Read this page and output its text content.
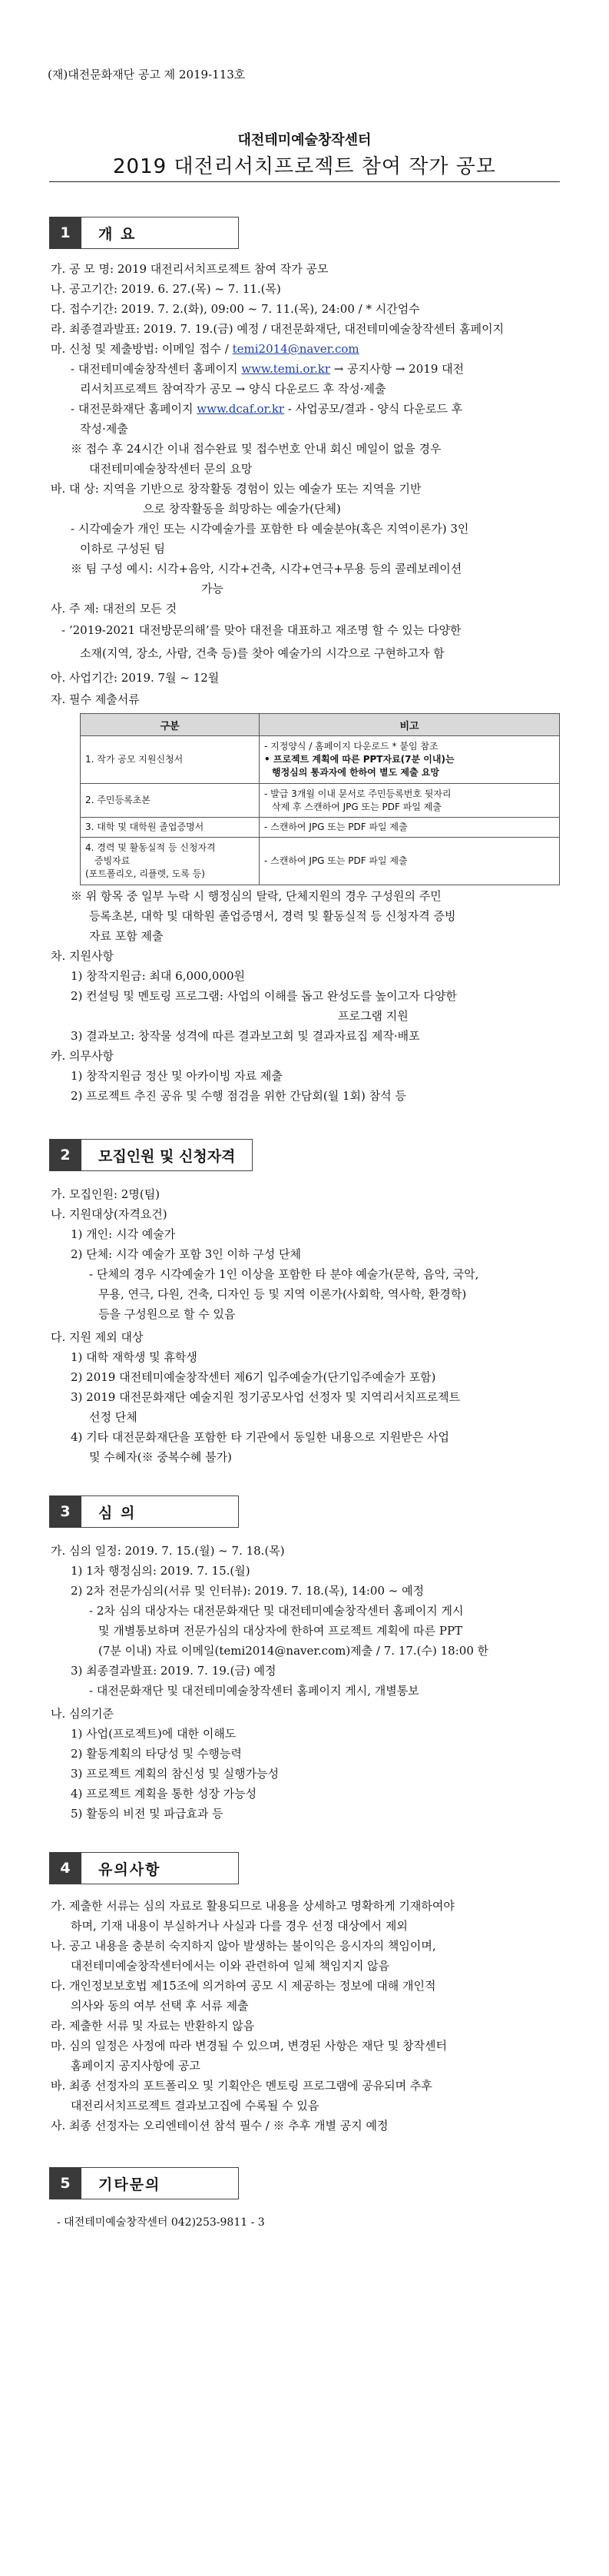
(재)대전문화재단 공고 제 2019-113호
대전테미예술창작센터
2019 대전리서치프로젝트 참여 작가 공모
1	개 요
가. 공 모 명: 2019 대전리서치프로젝트 참여 작가 공모
나. 공고기간: 2019. 6. 27.(목) ~ 7. 11.(목)
다. 접수기간: 2019. 7. 2.(화), 09:00 ~ 7. 11.(목), 24:00 / * 시간엄수
라. 최종결과발표: 2019. 7. 19.(금) 예정 / 대전문화재단, 대전테미예술창작센터 홈페이지
마. 신청 및 제출방법: 이메일 접수 / temi2014@naver.com
- 대전테미예술창작센터 홈페이지 www.temi.or.kr → 공지사항 → 2019 대전
리서치프로젝트 참여작가 공모 → 양식 다운로드 후 작성·제출
- 대전문화재단 홈페이지 www.dcaf.or.kr - 사업공모/결과 - 양식 다운로드 후
작성·제출
※ 접수 후 24시간 이내 접수완료 및 접수번호 안내 회신 메일이 없을 경우
대전테미예술창작센터 문의 요망
바. 대 상: 지역을 기반으로 창작활동 경험이 있는 예술가 또는 지역을 기반
으로 창작활동을 희망하는 예술가(단체)
- 시각예술가 개인 또는 시각예술가를 포함한 타 예술분야(혹은 지역이론가) 3인
이하로 구성된 팀
※ 팀 구성 예시: 시각+음악, 시각+건축, 시각+연극+무용 등의 콜레보레이션
가능
사. 주 제: 대전의 모든 것
- ‘2019-2021 대전방문의해’를 맞아 대전을 대표하고 재조명 할 수 있는 다양한
소재(지역, 장소, 사람, 건축 등)를 찾아 예술가의 시각으로 구현하고자 함
아. 사업기간: 2019. 7월 ~ 12월
자. 필수 제출서류
구분	비고
1. 작가 공모 지원신청서	- 지정양식 / 홈페이지 다운로드 * 붙임 참조
• 프로젝트 계획에 따른 PPT자료(7분 이내)는
행정심의 통과자에 한하여 별도 제출 요망

2. 주민등록초본	- 발급 3개월 이내 문서로 주민등록번호 뒷자리
삭제 후 스캔하여 JPG 또는 PDF 파일 제출

3. 대학 및 대학원 졸업증명서	- 스캔하여 JPG 또는 PDF 파일 제출

4. 경력 및 활동실적 등 신청자격
증빙자료
(포트폴리오, 리플렛, 도록 등)	- 스캔하여 JPG 또는 PDF 파일 제출
※ 위 항목 중 일부 누락 시 행정심의 탈락, 단체지원의 경우 구성원의 주민
등록초본, 대학 및 대학원 졸업증명서, 경력 및 활동실적 등 신청자격 증빙
자료 포함 제출
차. 지원사항
1) 창작지원금: 최대 6,000,000원
2) 컨설팅 및 멘토링 프로그램: 사업의 이해를 돕고 완성도를 높이고자 다양한
프로그램 지원
3) 결과보고: 창작물 성격에 따른 결과보고회 및 결과자료집 제작·배포
카. 의무사항
1) 창작지원금 정산 및 아카이빙 자료 제출
2) 프로젝트 추진 공유 및 수행 점검을 위한 간담회(월 1회) 참석 등
2	모집인원 및 신청자격
가. 모집인원: 2명(팀)
나. 지원대상(자격요건)
1) 개인: 시각 예술가
2) 단체: 시각 예술가 포함 3인 이하 구성 단체
- 단체의 경우 시각예술가 1인 이상을 포함한 타 분야 예술가(문학, 음악, 국악,
무용, 연극, 다원, 건축, 디자인 등 및 지역 이론가(사회학, 역사학, 환경학)
등을 구성원으로 할 수 있음
다. 지원 제외 대상
1) 대학 재학생 및 휴학생
2) 2019 대전테미예술창작센터 제6기 입주예술가(단기입주예술가 포함)
3) 2019 대전문화재단 예술지원 정기공모사업 선정자 및 지역리서치프로젝트
선정 단체
4) 기타 대전문화재단을 포함한 타 기관에서 동일한 내용으로 지원받은 사업
및 수혜자(※ 중복수혜 불가)
3	심 의
가. 심의 일정: 2019. 7. 15.(월) ~ 7. 18.(목)
1) 1차 행정심의: 2019. 7. 15.(월)
2) 2차 전문가심의(서류 및 인터뷰): 2019. 7. 18.(목), 14:00 ~ 예정
- 2차 심의 대상자는 대전문화재단 및 대전테미예술창작센터 홈페이지 게시
및 개별통보하며 전문가심의 대상자에 한하여 프로젝트 계획에 따른 PPT
(7분 이내) 자료 이메일(temi2014@naver.com)제출 / 7. 17.(수) 18:00 한
3) 최종결과발표: 2019. 7. 19.(금) 예정
- 대전문화재단 및 대전테미예술창작센터 홈페이지 게시, 개별통보
나. 심의기준
1) 사업(프로젝트)에 대한 이해도
2) 활동계획의 타당성 및 수행능력
3) 프로젝트 계획의 참신성 및 실행가능성
4) 프로젝트 계획을 통한 성장 가능성
5) 활동의 비전 및 파급효과 등
4	유의사항
가. 제출한 서류는 심의 자료로 활용되므로 내용을 상세하고 명확하게 기재하여야
하며, 기재 내용이 부실하거나 사실과 다를 경우 선정 대상에서 제외
나. 공고 내용을 충분히 숙지하지 않아 발생하는 불이익은 응시자의 책임이며,
대전테미예술창작센터에서는 이와 관련하여 일체 책임지지 않음
다. 개인정보보호법 제15조에 의거하여 공모 시 제공하는 정보에 대해 개인적
의사와 동의 여부 선택 후 서류 제출
라. 제출한 서류 및 자료는 반환하지 않음
마. 심의 일정은 사정에 따라 변경될 수 있으며, 변경된 사항은 재단 및 창작센터
홈페이지 공지사항에 공고
바. 최종 선정자의 포트폴리오 및 기획안은 멘토링 프로그램에 공유되며 추후
대전리서치프로젝트 결과보고집에 수록될 수 있음
사. 최종 선정자는 오리엔테이션 참석 필수 / ※ 추후 개별 공지 예정
5	기타문의
- 대전테미예술창작센터 042)253-9811 - 3
